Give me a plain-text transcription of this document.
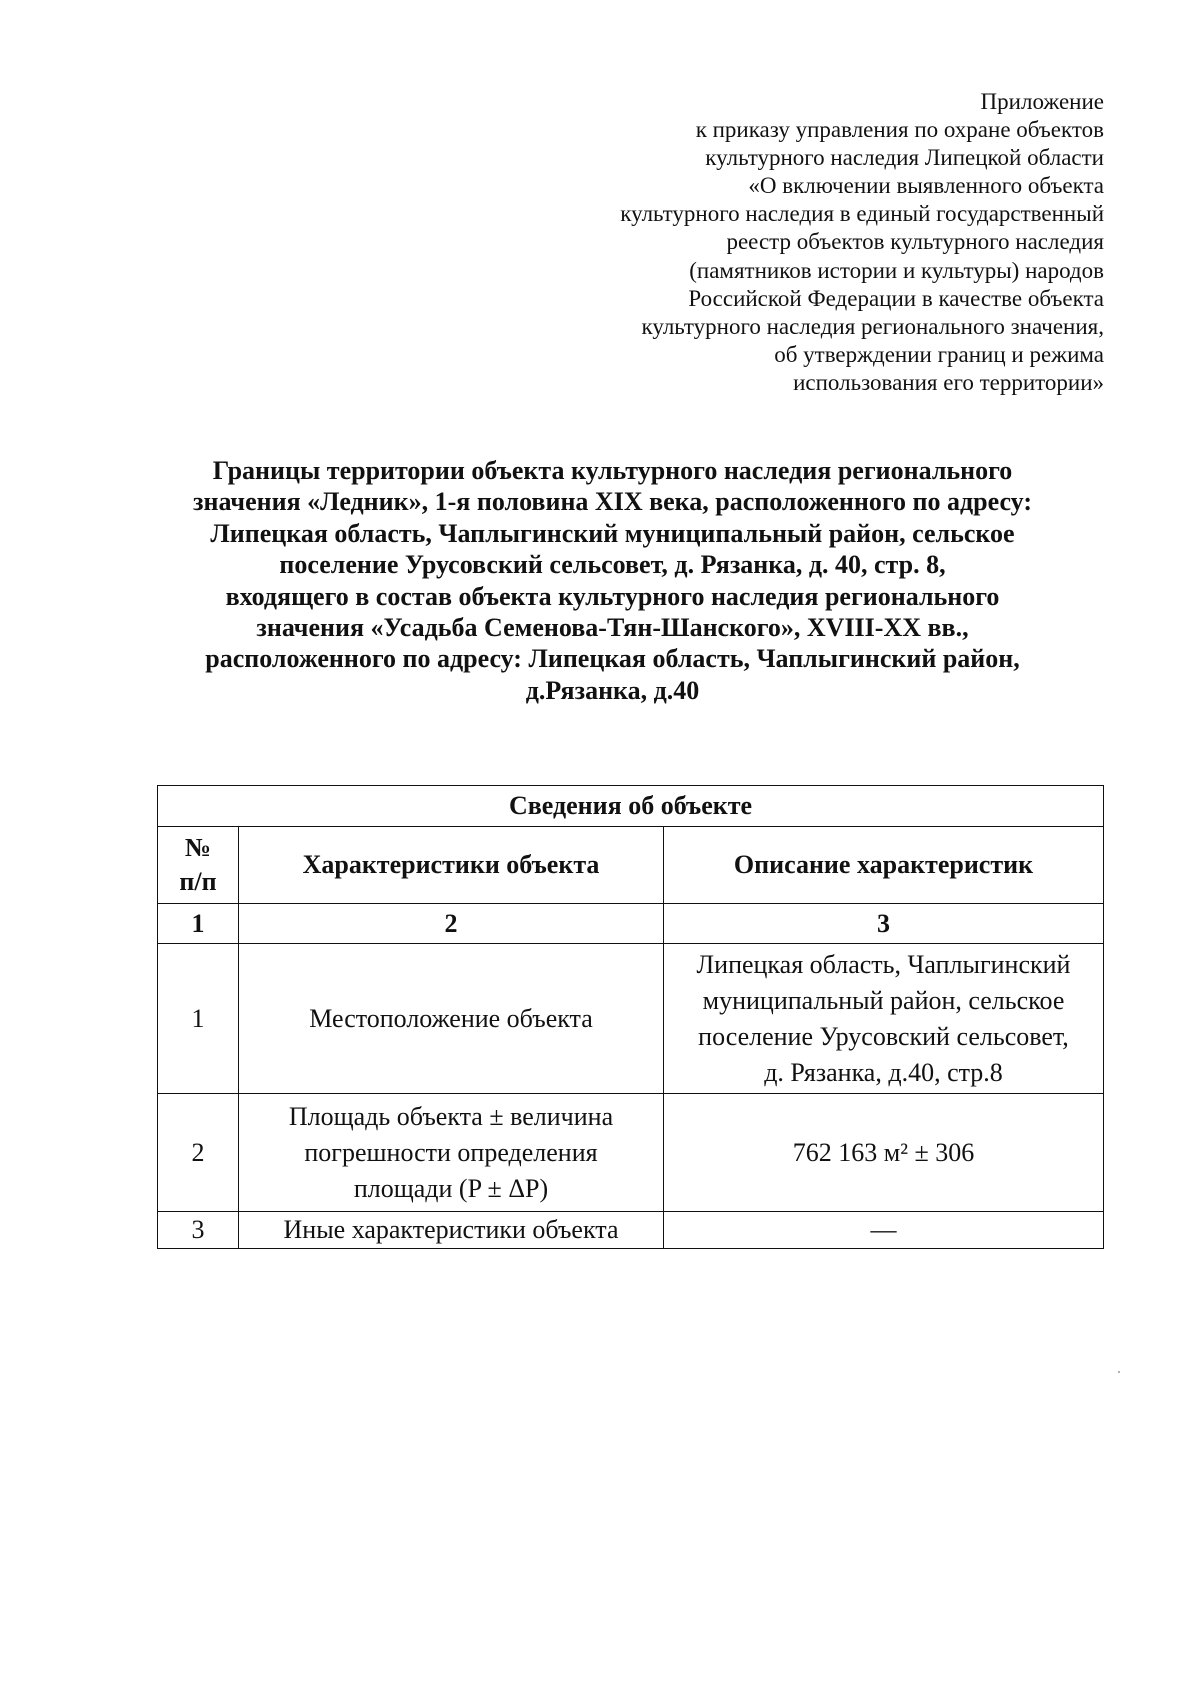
Приложение
к приказу управления по охране объектов
культурного наследия Липецкой области
«О включении выявленного объекта
культурного наследия в единый государственный
реестр объектов культурного наследия
(памятников истории и культуры) народов
Российской Федерации в качестве объекта
культурного наследия регионального значения,
об утверждении границ и режима
использования его территории»
Границы территории объекта культурного наследия регионального
значения «Ледник», 1-я половина XIX века, расположенного по адресу:
Липецкая область, Чаплыгинский муниципальный район, сельское
поселение Урусовский сельсовет, д. Рязанка, д. 40, стр. 8,
входящего в состав объекта культурного наследия регионального
значения «Усадьба Семенова-Тян-Шанского», XVIII-XX вв.,
расположенного по адресу: Липецкая область, Чаплыгинский район,
д.Рязанка, д.40
Сведения об объекте		

№
п/п	Характеристики объекта	Описание характеристик
1	2	3
1	Местоположение объекта	Липецкая область, Чаплыгинский
муниципальный район, сельское
поселение Урусовский сельсовет,
д. Рязанка, д.40, стр.8

2	Площадь объекта ± величина
погрешности определения
площади (P ± ΔP)	762 163 м² ± 306

3	Иные характеристики объекта	—
